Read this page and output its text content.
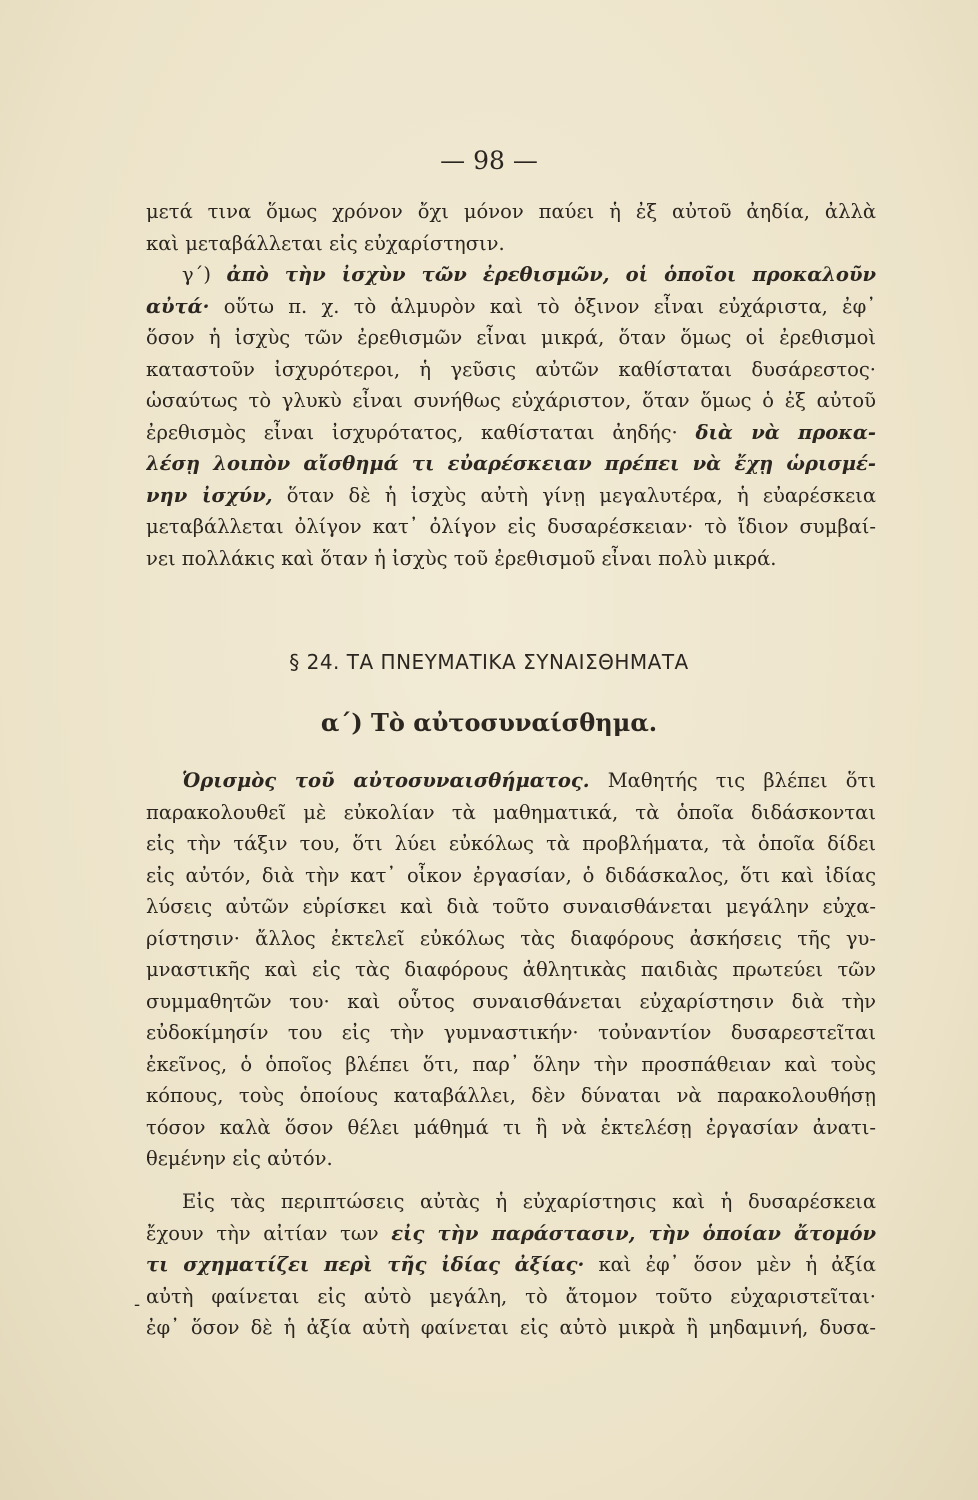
— 98 —
μετά τινα ὅμως χρόνον ὄχι μόνον παύει ἡ ἐξ αὐτοῦ ἀηδία, ἀλλὰ
καὶ μεταβάλλεται εἰς εὐχαρίστησιν.
γ΄) ἀπὸ τὴν ἰσχὺν τῶν ἐρεθισμῶν, οἱ ὁποῖοι προκαλοῦν
αὐτά· οὕτω π. χ. τὸ ἁλμυρὸν καὶ τὸ ὀξινον εἶναι εὐχάριστα, ἐφ᾽
ὅσον ἡ ἰσχὺς τῶν ἐρεθισμῶν εἶναι μικρά, ὅταν ὅμως οἱ ἐρεθισμοὶ
καταστοῦν ἰσχυρότεροι, ἡ γεῦσις αὐτῶν καθίσταται δυσάρεστος·
ὡσαύτως τὸ γλυκὺ εἶναι συνήθως εὐχάριστον, ὅταν ὅμως ὁ ἐξ αὐτοῦ
ἐρεθισμὸς εἶναι ἰσχυρότατος, καθίσταται ἀηδής· διὰ νὰ προκα-
λέσῃ λοιπὸν αἴσθημά τι εὐαρέσκειαν πρέπει νὰ ἔχῃ ὡρισμέ-
νην ἰσχύν, ὅταν δὲ ἡ ἰσχὺς αὐτὴ γίνῃ μεγαλυτέρα, ἡ εὐαρέσκεια
μεταβάλλεται ὀλίγον κατ᾽ ὀλίγον εἰς δυσαρέσκειαν· τὸ ἴδιον συμβαί-
νει πολλάκις καὶ ὅταν ἡ ἰσχὺς τοῦ ἐρεθισμοῦ εἶναι πολὺ μικρά.
§ 24. ΤΑ ΠΝΕΥΜΑΤΙΚΑ ΣΥΝΑΙΣΘΗΜΑΤΑ
α΄) Τὸ αὐτοσυναίσθημα.
Ὁρισμὸς τοῦ αὐτοσυναισθήματος. Μαθητής τις βλέπει ὅτι
παρακολουθεῖ μὲ εὐκολίαν τὰ μαθηματικά, τὰ ὁποῖα διδάσκονται
εἰς τὴν τάξιν του, ὅτι λύει εὐκόλως τὰ προβλήματα, τὰ ὁποῖα δίδει
εἰς αὐτόν, διὰ τὴν κατ᾽ οἶκον ἐργασίαν, ὁ διδάσκαλος, ὅτι καὶ ἰδίας
λύσεις αὐτῶν εὑρίσκει καὶ διὰ τοῦτο συναισθάνεται μεγάλην εὐχα-
ρίστησιν· ἄλλος ἐκτελεῖ εὐκόλως τὰς διαφόρους ἀσκήσεις τῆς γυ-
μναστικῆς καὶ εἰς τὰς διαφόρους ἀθλητικὰς παιδιὰς πρωτεύει τῶν
συμμαθητῶν του· καὶ οὗτος συναισθάνεται εὐχαρίστησιν διὰ τὴν
εὐδοκίμησίν του εἰς τὴν γυμναστικήν· τοὐναντίον δυσαρεστεῖται
ἐκεῖνος, ὁ ὁποῖος βλέπει ὅτι, παρ᾽ ὅλην τὴν προσπάθειαν καὶ τοὺς
κόπους, τοὺς ὁποίους καταβάλλει, δὲν δύναται νὰ παρακολουθήσῃ
τόσον καλὰ ὅσον θέλει μάθημά τι ἢ νὰ ἐκτελέσῃ ἐργασίαν ἀνατι-
θεμένην εἰς αὐτόν.
Εἰς τὰς περιπτώσεις αὐτὰς ἡ εὐχαρίστησις καὶ ἡ δυσαρέσκεια
ἔχουν τὴν αἰτίαν των εἰς τὴν παράστασιν, τὴν ὁποίαν ἄτομόν
τι σχηματίζει περὶ τῆς ἰδίας ἀξίας· καὶ ἐφ᾽ ὅσον μὲν ἡ ἀξία
αὐτὴ φαίνεται εἰς αὐτὸ μεγάλη, τὸ ἄτομον τοῦτο εὐχαριστεῖται·
ἐφ᾽ ὅσον δὲ ἡ ἀξία αὐτὴ φαίνεται εἰς αὐτὸ μικρὰ ἢ μηδαμινή, δυσα-
-
